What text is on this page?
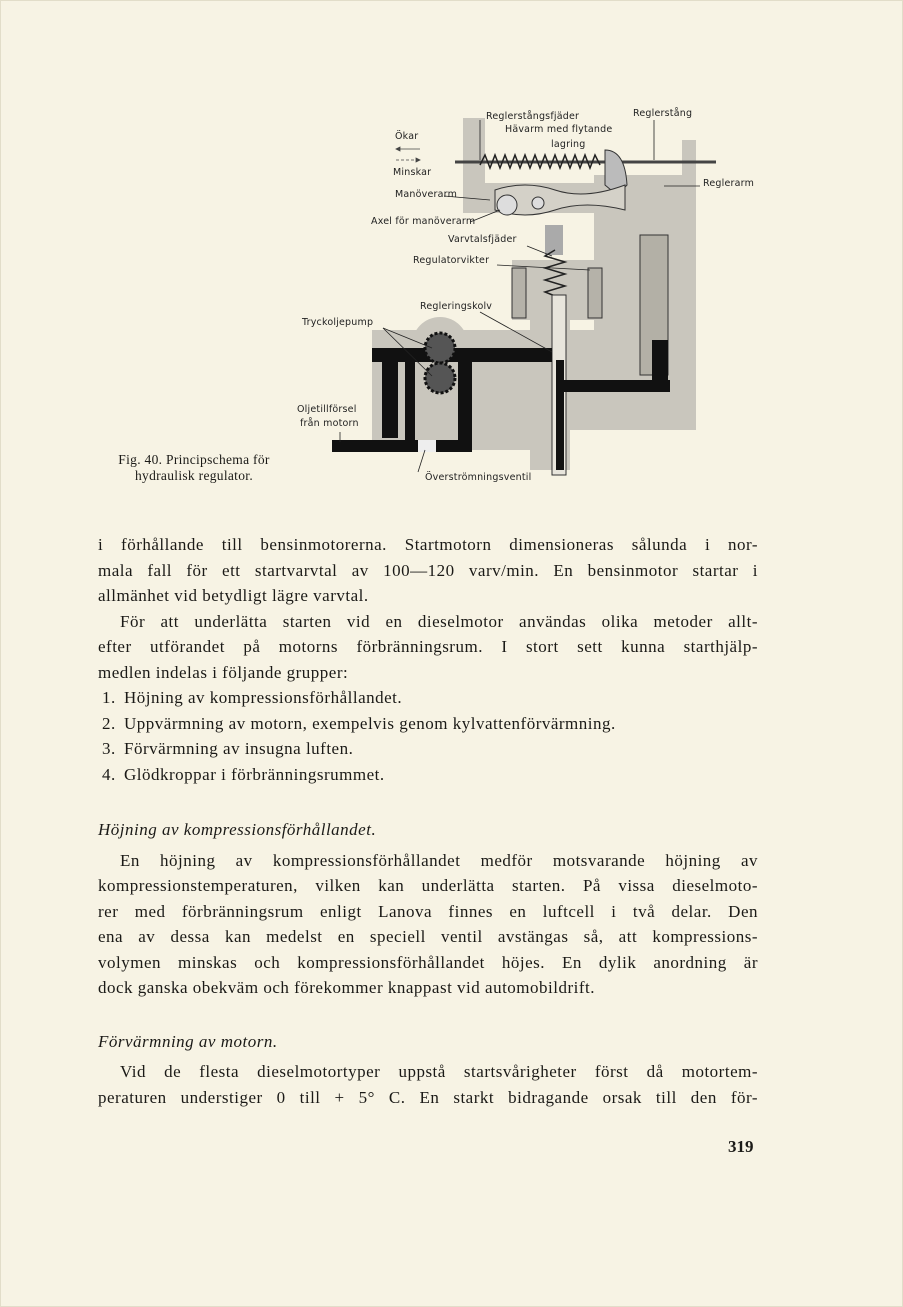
Reglerstångsfjäder	Reglerstång
Hävarm med flytande
lagring
Ökar
Minskar
Manöverarm
Reglerarm
Axel för manöverarm
Varvtalsfjäder
Regulatorvikter
Regleringskolv
Tryckoljepump
Oljetillförsel
från motorn
Överströmningsventil
Fig. 40. Principschema för
hydraulisk regulator.
i förhållande till bensinmotorerna. Startmotorn dimensioneras sålunda i nor-
mala fall för ett startvarvtal av 100—120 varv/min. En bensinmotor startar i
allmänhet vid betydligt lägre varvtal.
För att underlätta starten vid en dieselmotor användas olika metoder allt-
efter utförandet på motorns förbränningsrum. I stort sett kunna starthjälp-
medlen indelas i följande grupper:
1. Höjning av kompressionsförhållandet.
2. Uppvärmning av motorn, exempelvis genom kylvattenförvärmning.
3. Förvärmning av insugna luften.
4. Glödkroppar i förbränningsrummet.
Höjning av kompressionsförhållandet.
En höjning av kompressionsförhållandet medför motsvarande höjning av
kompressionstemperaturen, vilken kan underlätta starten. På vissa dieselmoto-
rer med förbränningsrum enligt Lanova finnes en luftcell i två delar. Den
ena av dessa kan medelst en speciell ventil avstängas så, att kompressions-
volymen minskas och kompressionsförhållandet höjes. En dylik anordning är
dock ganska obekväm och förekommer knappast vid automobildrift.
Förvärmning av motorn.
Vid de flesta dieselmotortyper uppstå startsvårigheter först då motortem-
peraturen understiger 0 till + 5° C. En starkt bidragande orsak till den för-
319
